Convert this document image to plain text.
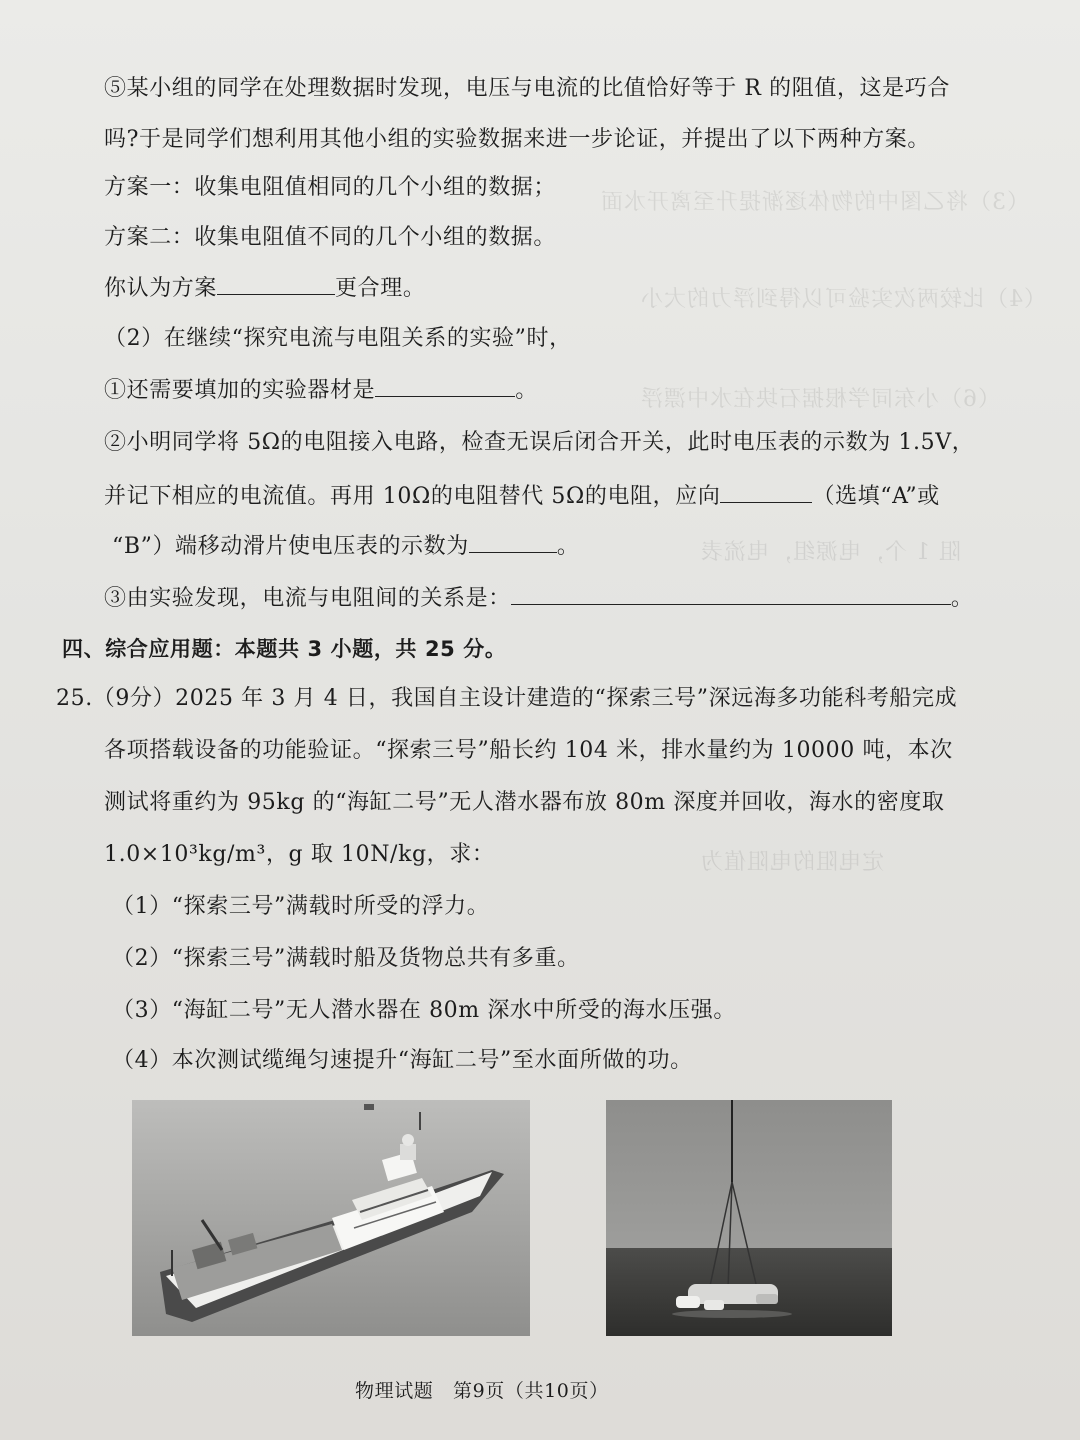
（3）将乙图中的物体逐渐提升至离开水面
（4）比较两次实验可以得到浮力的大小
（6）小东同学根据石块在水中漂浮
阻 1 个，电源组，电流表
定电阻的电阻值为
⑤某小组的同学在处理数据时发现，电压与电流的比值恰好等于 R 的阻值，这是巧合
吗?于是同学们想利用其他小组的实验数据来进一步论证，并提出了以下两种方案。
方案一：收集电阻值相同的几个小组的数据；
方案二：收集电阻值不同的几个小组的数据。
你认为方案	更合理。
（2）在继续“探究电流与电阻关系的实验”时，
①还需要填加的实验器材是	。
②小明同学将 5Ω的电阻接入电路，检查无误后闭合开关，此时电压表的示数为 1.5V，
并记下相应的电流值。再用 10Ω的电阻替代 5Ω的电阻，应向	（选填“A”或
“B”）端移动滑片使电压表的示数为	。
③由实验发现，电流与电阻间的关系是：	。
四、综合应用题：本题共 3 小题，共 25 分。
25.（9分）2025 年 3 月 4 日，我国自主设计建造的“探索三号”深远海多功能科考船完成
各项搭载设备的功能验证。“探索三号”船长约 104 米，排水量约为 10000 吨，本次
测试将重约为 95kg 的“海缸二号”无人潜水器布放 80m 深度并回收，海水的密度取
1.0×10³kg/m³，g 取 10N/kg，求：
（1）“探索三号”满载时所受的浮力。
（2）“探索三号”满载时船及货物总共有多重。
（3）“海缸二号”无人潜水器在 80m 深水中所受的海水压强。
（4）本次测试缆绳匀速提升“海缸二号”至水面所做的功。
物理试题　第9页（共10页）
